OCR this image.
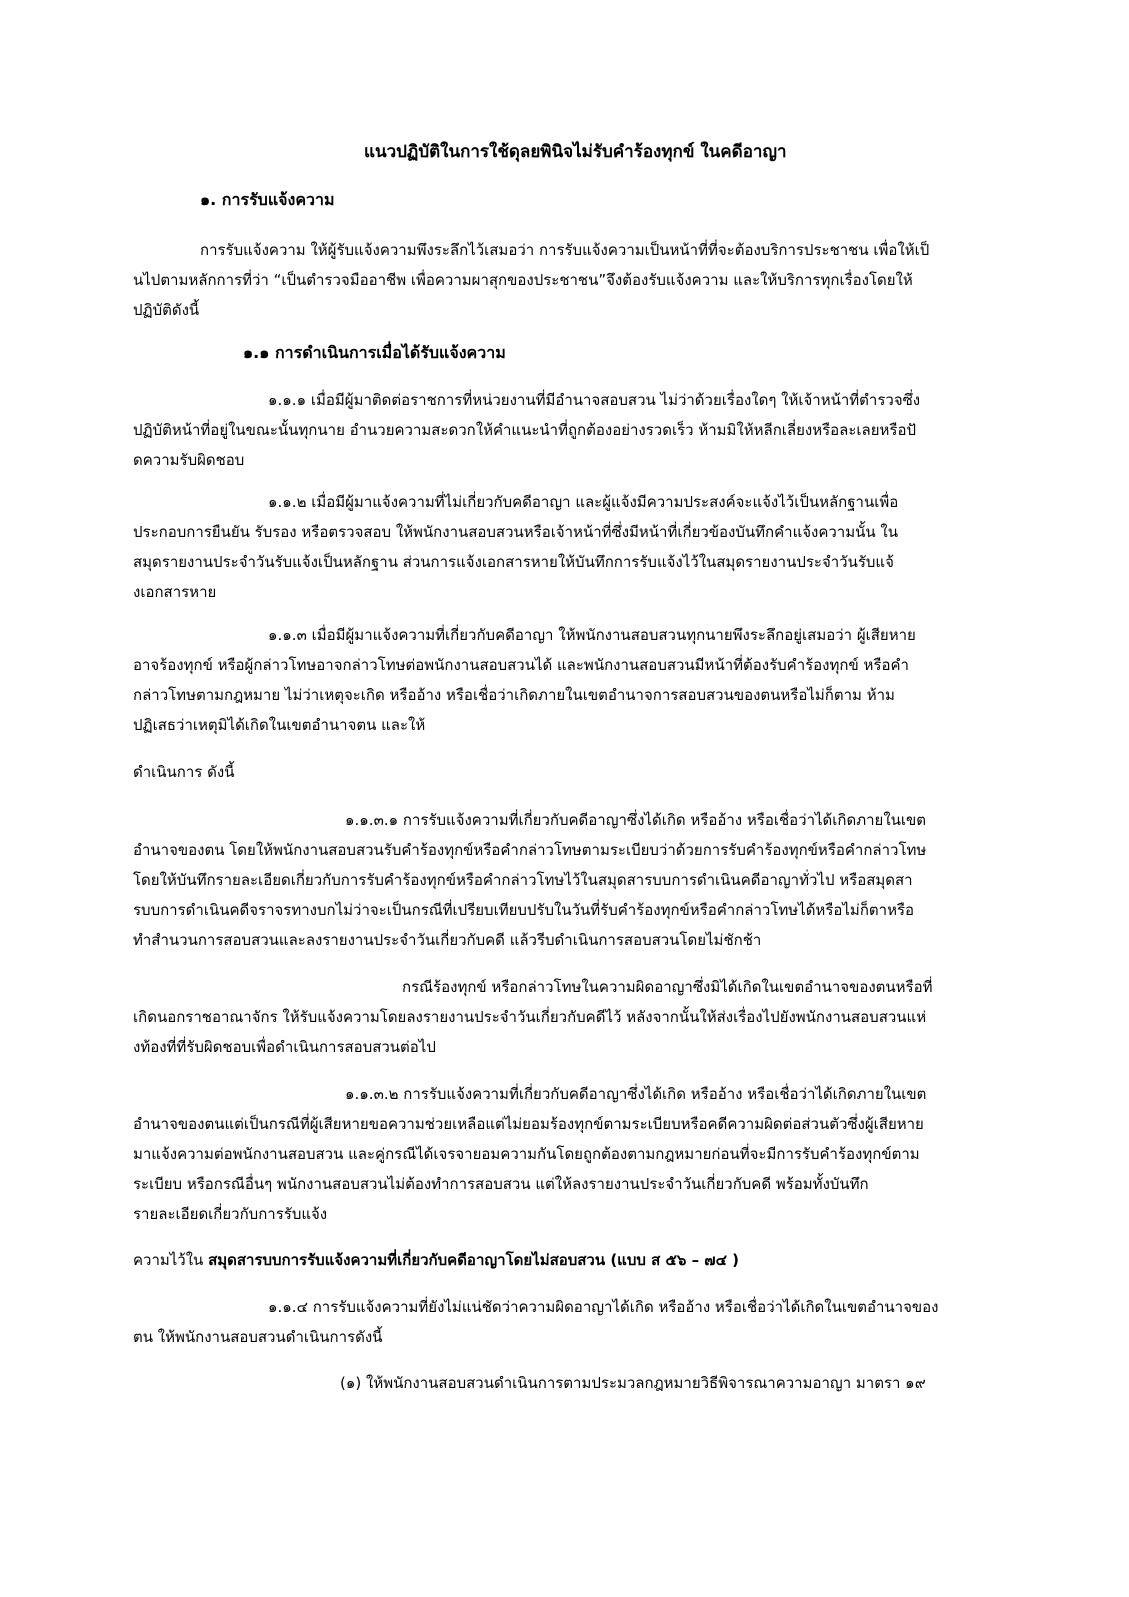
แนวปฏิบัติในการใช้ดุลยพินิจไม่รับคำร้องทุกข์ ในคดีอาญา

๑. การรับแจ้งความ

การรับแจ้งความ ให้ผู้รับแจ้งความพึงระลึกไว้เสมอว่า การรับแจ้งความเป็นหน้าที่ที่จะต้องบริการประชาชน เพื่อให้เป็

นไปตามหลักการที่ว่า “เป็นตำรวจมืออาชีพ เพื่อความผาสุกของประชาชน”จึงต้องรับแจ้งความ และให้บริการทุกเรื่องโดยให้

ปฏิบัติดังนี้

๑.๑ การดำเนินการเมื่อได้รับแจ้งความ

๑.๑.๑ เมื่อมีผู้มาติดต่อราชการที่หน่วยงานที่มีอำนาจสอบสวน ไม่ว่าด้วยเรื่องใดๆ ให้เจ้าหน้าที่ตำรวจซึ่ง

ปฏิบัติหน้าที่อยู่ในขณะนั้นทุกนาย อำนวยความสะดวกให้คำแนะนำที่ถูกต้องอย่างรวดเร็ว ห้ามมิให้หลีกเลี่ยงหรือละเลยหรือปั

ดความรับผิดชอบ

๑.๑.๒ เมื่อมีผู้มาแจ้งความที่ไม่เกี่ยวกับคดีอาญา และผู้แจ้งมีความประสงค์จะแจ้งไว้เป็นหลักฐานเพื่อ

ประกอบการยืนยัน รับรอง หรือตรวจสอบ ให้พนักงานสอบสวนหรือเจ้าหน้าที่ซึ่งมีหน้าที่เกี่ยวข้องบันทึกคำแจ้งความนั้น ใน

สมุดรายงานประจำวันรับแจ้งเป็นหลักฐาน ส่วนการแจ้งเอกสารหายให้บันทึกการรับแจ้งไว้ในสมุดรายงานประจำวันรับแจ้

งเอกสารหาย

๑.๑.๓ เมื่อมีผู้มาแจ้งความที่เกี่ยวกับคดีอาญา ให้พนักงานสอบสวนทุกนายพึงระลึกอยู่เสมอว่า ผู้เสียหาย

อาจร้องทุกข์ หรือผู้กล่าวโทษอาจกล่าวโทษต่อพนักงานสอบสวนได้ และพนักงานสอบสวนมีหน้าที่ต้องรับคำร้องทุกข์ หรือคำ

กล่าวโทษตามกฎหมาย ไม่ว่าเหตุจะเกิด หรืออ้าง หรือเชื่อว่าเกิดภายในเขตอำนาจการสอบสวนของตนหรือไม่ก็ตาม ห้าม

ปฏิเสธว่าเหตุมิได้เกิดในเขตอำนาจตน และให้

ดำเนินการ ดังนี้

๑.๑.๓.๑ การรับแจ้งความที่เกี่ยวกับคดีอาญาซึ่งได้เกิด หรืออ้าง หรือเชื่อว่าได้เกิดภายในเขต

อำนาจของตน โดยให้พนักงานสอบสวนรับคำร้องทุกข์หรือคำกล่าวโทษตามระเบียบว่าด้วยการรับคำร้องทุกข์หรือคำกล่าวโทษ

โดยให้บันทึกรายละเอียดเกี่ยวกับการรับคำร้องทุกข์หรือคำกล่าวโทษไว้ในสมุดสารบบการดำเนินคดีอาญาทั่วไป หรือสมุดสา

รบบการดำเนินคดีจราจรทางบกไม่ว่าจะเป็นกรณีที่เปรียบเทียบปรับในวันที่รับคำร้องทุกข์หรือคำกล่าวโทษได้หรือไม่ก็ตาหรือ

ทำสำนวนการสอบสวนและลงรายงานประจำวันเกี่ยวกับคดี แล้วรีบดำเนินการสอบสวนโดยไม่ชักช้า

กรณีร้องทุกข์ หรือกล่าวโทษในความผิดอาญาซึ่งมิได้เกิดในเขตอำนาจของตนหรือที่

เกิดนอกราชอาณาจักร ให้รับแจ้งความโดยลงรายงานประจำวันเกี่ยวกับคดีไว้ หลังจากนั้นให้ส่งเรื่องไปยังพนักงานสอบสวนแห่

งท้องที่ที่รับผิดชอบเพื่อดำเนินการสอบสวนต่อไป

๑.๑.๓.๒ การรับแจ้งความที่เกี่ยวกับคดีอาญาซึ่งได้เกิด หรืออ้าง หรือเชื่อว่าได้เกิดภายในเขต

อำนาจของตนแต่เป็นกรณีที่ผู้เสียหายขอความช่วยเหลือแต่ไม่ยอมร้องทุกข์ตามระเบียบหรือคดีความผิดต่อส่วนตัวซึ่งผู้เสียหาย

มาแจ้งความต่อพนักงานสอบสวน และคู่กรณีได้เจรจายอมความกันโดยถูกต้องตามกฎหมายก่อนที่จะมีการรับคำร้องทุกข์ตาม

ระเบียบ หรือกรณีอื่นๆ พนักงานสอบสวนไม่ต้องทำการสอบสวน แต่ให้ลงรายงานประจำวันเกี่ยวกับคดี พร้อมทั้งบันทึก

รายละเอียดเกี่ยวกับการรับแจ้ง

ความไว้ใน สมุดสารบบการรับแจ้งความที่เกี่ยวกับคดีอาญาโดยไม่สอบสวน (แบบ ส ๕๖ – ๗๔ )

๑.๑.๔ การรับแจ้งความที่ยังไม่แน่ชัดว่าความผิดอาญาได้เกิด หรืออ้าง หรือเชื่อว่าได้เกิดในเขตอำนาจของ

ตน ให้พนักงานสอบสวนดำเนินการดังนี้

(๑) ให้พนักงานสอบสวนดำเนินการตามประมวลกฎหมายวิธีพิจารณาความอาญา มาตรา ๑๙
